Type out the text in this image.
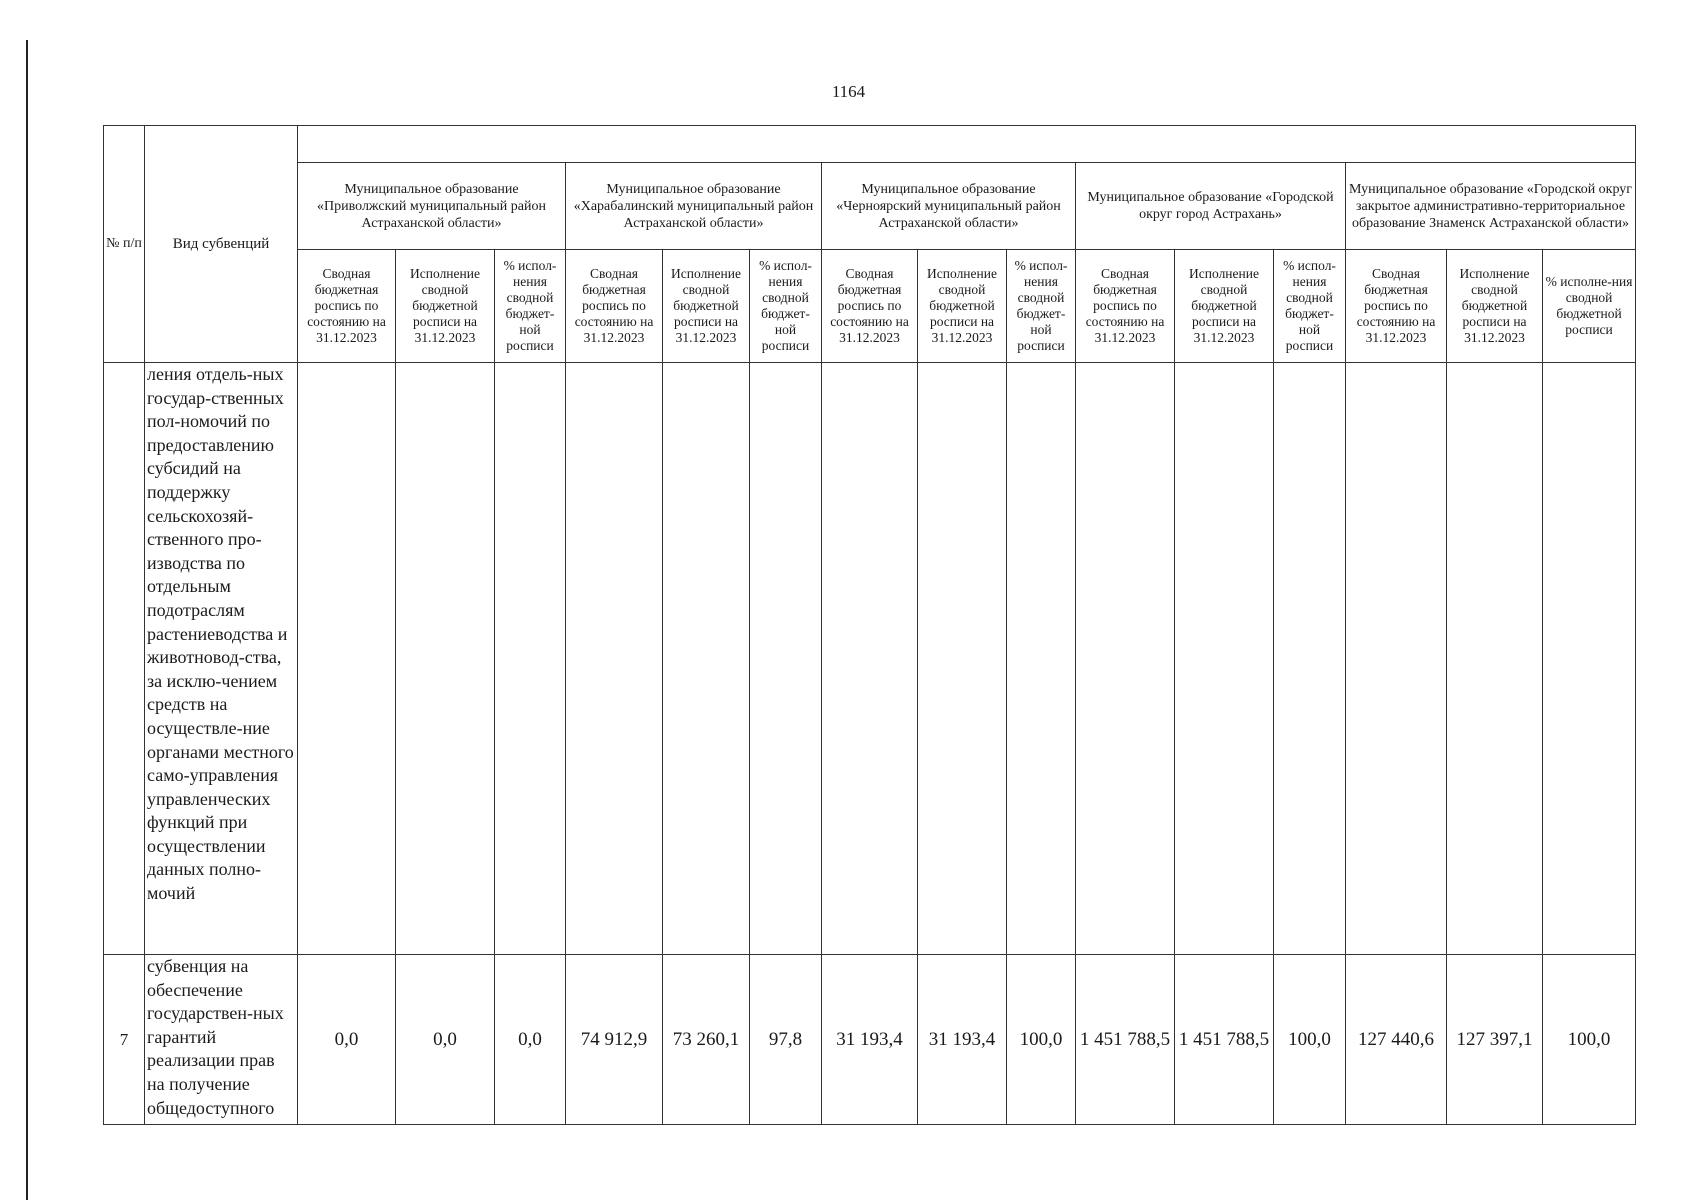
1164
№ п/п	Вид субвенций															
		Муниципальное образование «Приволжский муниципальный район Астраханской области»			Муниципальное образование «Харабалинский муниципальный район Астраханской области»			Муниципальное образование «Черноярский муниципальный район Астраханской области»			Муниципальное образование «Городской округ город Астрахань»			Муниципальное образование «Городской округ закрытое административно-территориальное образование Знаменск Астраханской области»		
		Сводная бюджетная роспись по состоянию на 31.12.2023	Исполнение сводной бюджетной росписи на 31.12.2023	% испол-нения сводной бюджет-ной росписи	Сводная бюджетная роспись по состоянию на 31.12.2023	Исполнение сводной бюджетной росписи на 31.12.2023	% испол-нения сводной бюджет-ной росписи	Сводная бюджетная роспись по состоянию на 31.12.2023	Исполнение сводной бюджетной росписи на 31.12.2023	% испол-нения сводной бюджет-ной росписи	Сводная бюджетная роспись по состоянию на 31.12.2023	Исполнение сводной бюджетной росписи на 31.12.2023	% испол-нения сводной бюджет-ной росписи	Сводная бюджетная роспись по состоянию на 31.12.2023	Исполнение сводной бюджетной росписи на 31.12.2023	% исполне-ния сводной бюджетной росписи
	ления отдель-ных государ-ственных пол-номочий по предоставлению субсидий на поддержку сельскохозяй-ственного про-изводства по отдельным подотраслям растениеводства и животновод-ства, за исклю-чением средств на осуществле-ние органами местного само-управления управленческих функций при осуществлении данных полно-мочий															
7	субвенция на обеспечение государствен-ных гарантий реализации прав на получение общедоступного	0,0	0,0	0,0	74 912,9	73 260,1	97,8	31 193,4	31 193,4	100,0	1 451 788,5	1 451 788,5	100,0	127 440,6	127 397,1	100,0
